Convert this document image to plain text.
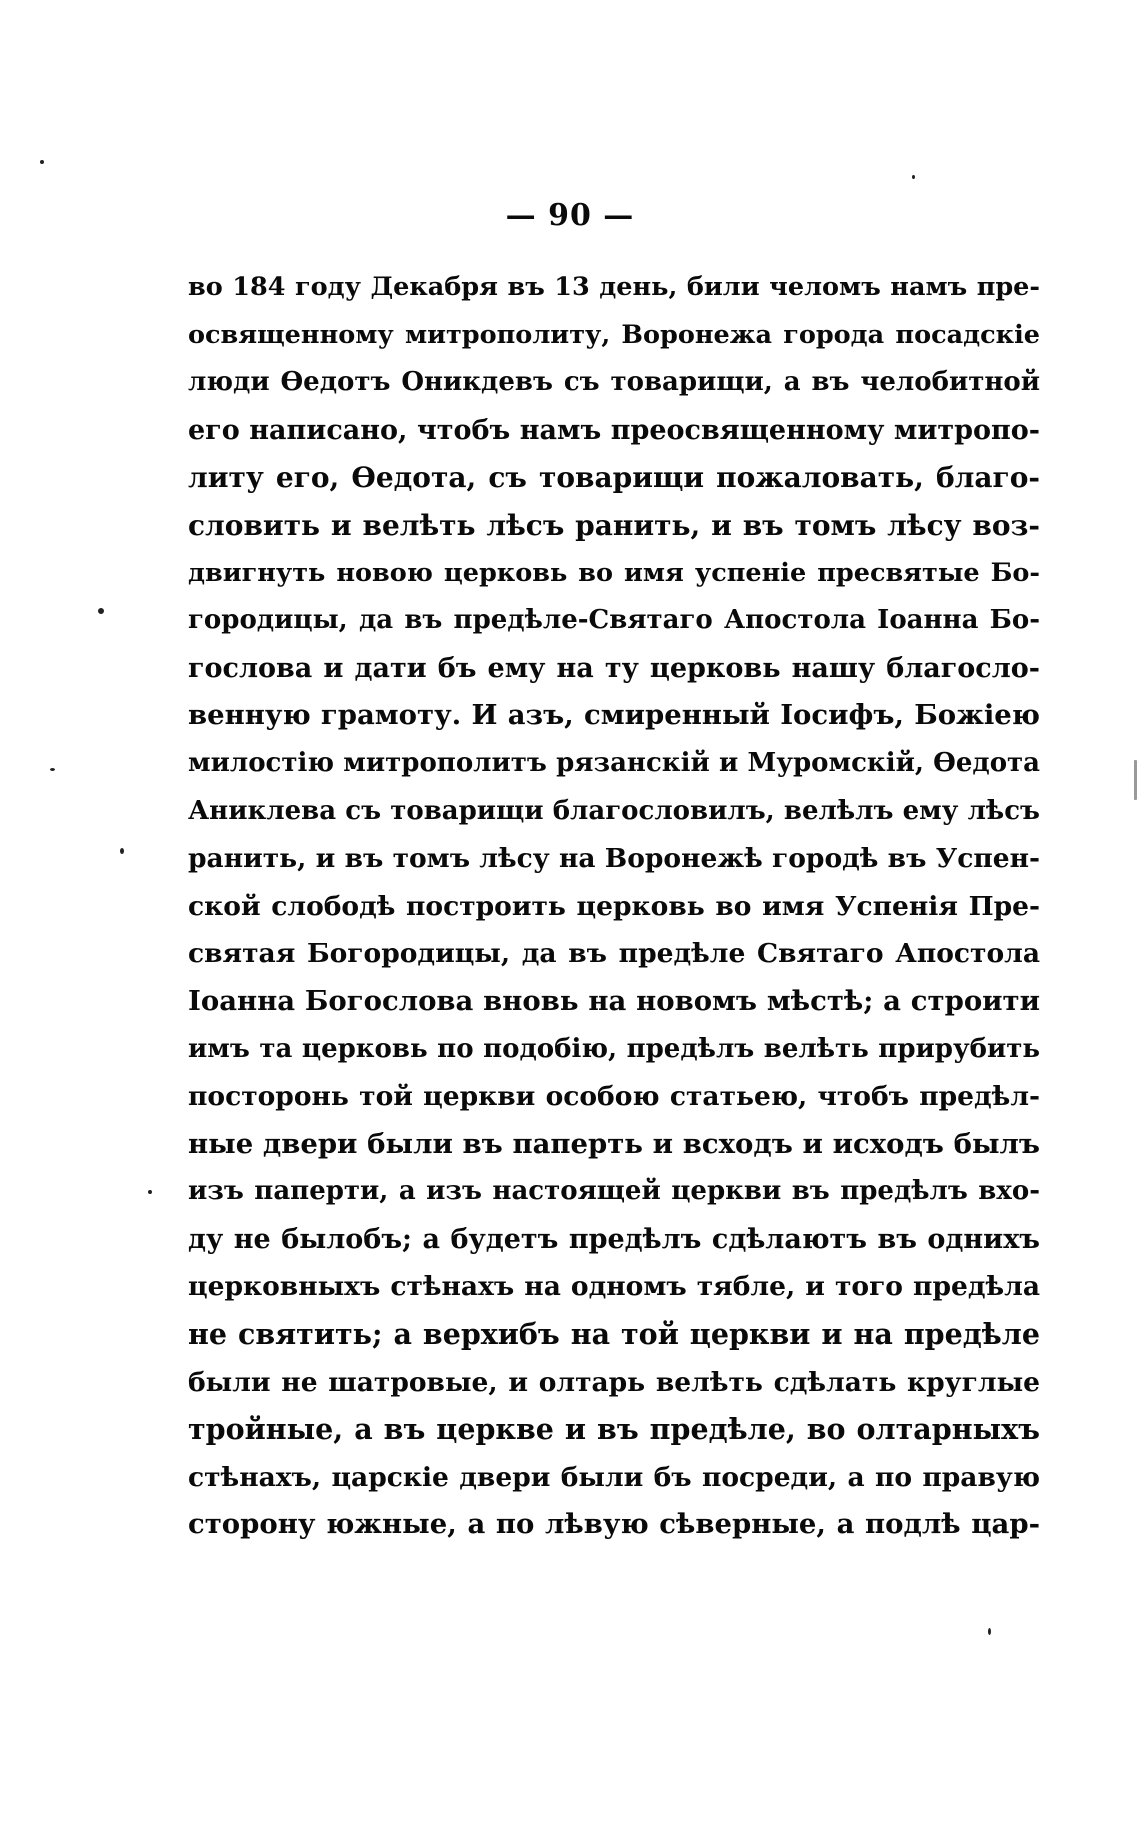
— 90 —
во 184 году Декабря въ 13 день, били челомъ намъ пре-
освященному митрополиту, Воронежа города посадскіе
люди Өедотъ Оникдевъ съ товарищи, а въ челобитной
его написано, чтобъ намъ преосвященному митропо-
литу его, Өедота, съ товарищи пожаловать, благо-
словить и велѣть лѣсъ ранить, и въ томъ лѣсу воз-
двигнуть новою церковь во имя успеніе пресвятые Бо-
городицы, да въ предѣле-Святаго Апостола Іоанна Бо-
гослова и дати бъ ему на ту церковь нашу благосло-
венную грамоту. И азъ, смиренный Іосифъ, Божіею
милостію митрополитъ рязанскій и Муромскій, Өедота
Аниклева съ товарищи благословилъ, велѣлъ ему лѣсъ
ранить, и въ томъ лѣсу на Воронежѣ городѣ въ Успен-
ской слободѣ построить церковь во имя Успенія Пре-
святая Богородицы, да въ предѣле Святаго Апостола
Іоанна Богослова вновь на новомъ мѣстѣ; а строити
имъ та церковь по подобію, предѣлъ велѣть прирубить
посторонь той церкви особою статьею, чтобъ предѣл-
ные двери были въ паперть и всходъ и исходъ былъ
изъ паперти, а изъ настоящей церкви въ предѣлъ вхо-
ду не былобъ; а будетъ предѣлъ сдѣлаютъ въ однихъ
церковныхъ стѣнахъ на одномъ тябле, и того предѣла
не святить; а верхибъ на той церкви и на предѣле
были не шатровые, и олтарь велѣть сдѣлать круглые
тройные, а въ церкве и въ предѣле, во олтарныхъ
стѣнахъ, царскіе двери были бъ посреди, а по правую
сторону южные, а по лѣвую сѣверные, а подлѣ цар-
